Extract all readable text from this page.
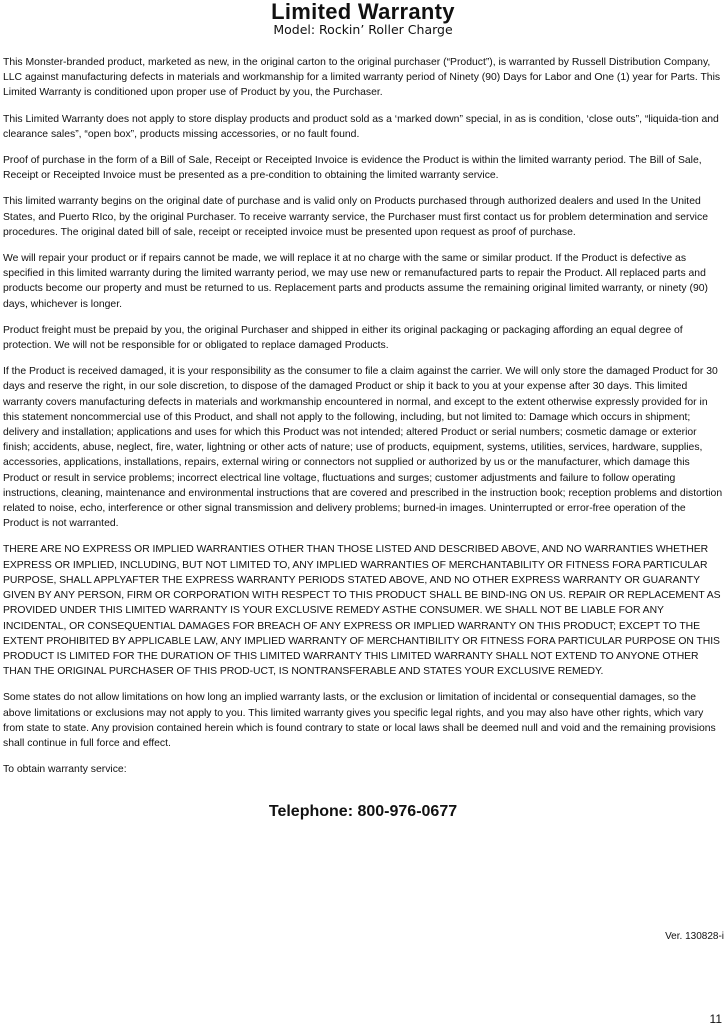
Limited Warranty
Model: Rockin’ Roller Charge

This Monster-branded product, marketed as new, in the original carton to the original purchaser (“Product”), is warranted by Russell Distribution Company, LLC against manufacturing defects in materials and workmanship for a limited warranty period of Ninety (90) Days for Labor and One (1) year for Parts. This Limited Warranty is conditioned upon proper use of Product by you, the Purchaser.

This Limited Warranty does not apply to store display products and product sold as a ‘marked down” special, in as is condition, ‘close outs”, “liquida-tion and clearance sales”, “open box”, products missing accessories, or no fault found.

Proof of purchase in the form of a Bill of Sale, Receipt or Receipted Invoice is evidence the Product is within the limited warranty period. The Bill of Sale, Receipt or Receipted Invoice must be presented as a pre-condition to obtaining the limited warranty service.

This limited warranty begins on the original date of purchase and is valid only on Products purchased through authorized dealers and used In the United States, and Puerto RIco, by the original Purchaser. To receive warranty service, the Purchaser must first contact us for problem determination and service procedures. The original dated bill of sale, receipt or receipted invoice must be presented upon request as proof of purchase.

We will repair your product or if repairs cannot be made, we will replace it at no charge with the same or similar product. If the Product is defective as specified in this limited warranty during the limited warranty period, we may use new or remanufactured parts to repair the Product. All replaced parts and products become our property and must be returned to us. Replacement parts and products assume the remaining original limited warranty, or ninety (90) days, whichever is longer.

Product freight must be prepaid by you, the original Purchaser and shipped in either its original packaging or packaging affording an equal degree of protection. We will not be responsible for or obligated to replace damaged Products.

If the Product is received damaged, it is your responsibility as the consumer to file a claim against the carrier. We will only store the damaged Product for 30 days and reserve the right, in our sole discretion, to dispose of the damaged Product or ship it back to you at your expense after 30 days. This limited warranty covers manufacturing defects in materials and workmanship encountered in normal, and except to the extent otherwise expressly provided for in this statement noncommercial use of this Product, and shall not apply to the following, including, but not limited to: Damage which occurs in shipment; delivery and installation; applications and uses for which this Product was not intended; altered Product or serial numbers; cosmetic damage or exterior finish; accidents, abuse, neglect, fire, water, lightning or other acts of nature; use of products, equipment, systems, utilities, services, hardware, supplies, accessories, applications, installations, repairs, external wiring or connectors not supplied or authorized by us or the manufacturer, which damage this Product or result in service problems; incorrect electrical line voltage, fluctuations and surges; customer adjustments and failure to follow operating instructions, cleaning, maintenance and environmental instructions that are covered and prescribed in the instruction book; reception problems and distortion related to noise, echo, interference or other signal transmission and delivery problems; burned-in images. Uninterrupted or error-free operation of the Product is not warranted.

THERE ARE NO EXPRESS OR IMPLIED WARRANTIES OTHER THAN THOSE LISTED AND DESCRIBED ABOVE, AND NO WARRANTIES WHETHER EXPRESS OR IMPLIED, INCLUDING, BUT NOT LIMITED TO, ANY IMPLIED WARRANTIES OF MERCHANTABILITY OR FITNESS FORA PARTICULAR PURPOSE, SHALL APPLYAFTER THE EXPRESS WARRANTY PERIODS STATED ABOVE, AND NO OTHER EXPRESS WARRANTY OR GUARANTY GIVEN BY ANY PERSON, FIRM OR CORPORATION WITH RESPECT TO THIS PRODUCT SHALL BE BIND-ING ON US. REPAIR OR REPLACEMENT AS PROVIDED UNDER THIS LIMITED WARRANTY IS YOUR EXCLUSIVE REMEDY ASTHE CONSUMER. WE SHALL NOT BE LIABLE FOR ANY INCIDENTAL, OR CONSEQUENTIAL DAMAGES FOR BREACH OF ANY EXPRESS OR IMPLIED WARRANTY ON THIS PRODUCT; EXCEPT TO THE EXTENT PROHIBITED BY APPLICABLE LAW, ANY IMPLIED WARRANTY OF MERCHANTIBILITY OR FITNESS FORA PARTICULAR PURPOSE ON THIS PRODUCT IS LIMITED FOR THE DURATION OF THIS LIMITED WARRANTY THIS LIMITED WARRANTY SHALL NOT EXTEND TO ANYONE OTHER THAN THE ORIGINAL PURCHASER OF THIS PROD-UCT, IS NONTRANSFERABLE AND STATES YOUR EXCLUSIVE REMEDY.

Some states do not allow limitations on how long an implied warranty lasts, or the exclusion or limitation of incidental or consequential damages, so the above limitations or exclusions may not apply to you. This limited warranty gives you specific legal rights, and you may also have other rights, which vary from state to state. Any provision contained herein which is found contrary to state or local laws shall be deemed null and void and the remaining provisions shall continue in full force and effect.

To obtain warranty service:

Telephone: 800-976-0677
Ver. 130828-i
11
